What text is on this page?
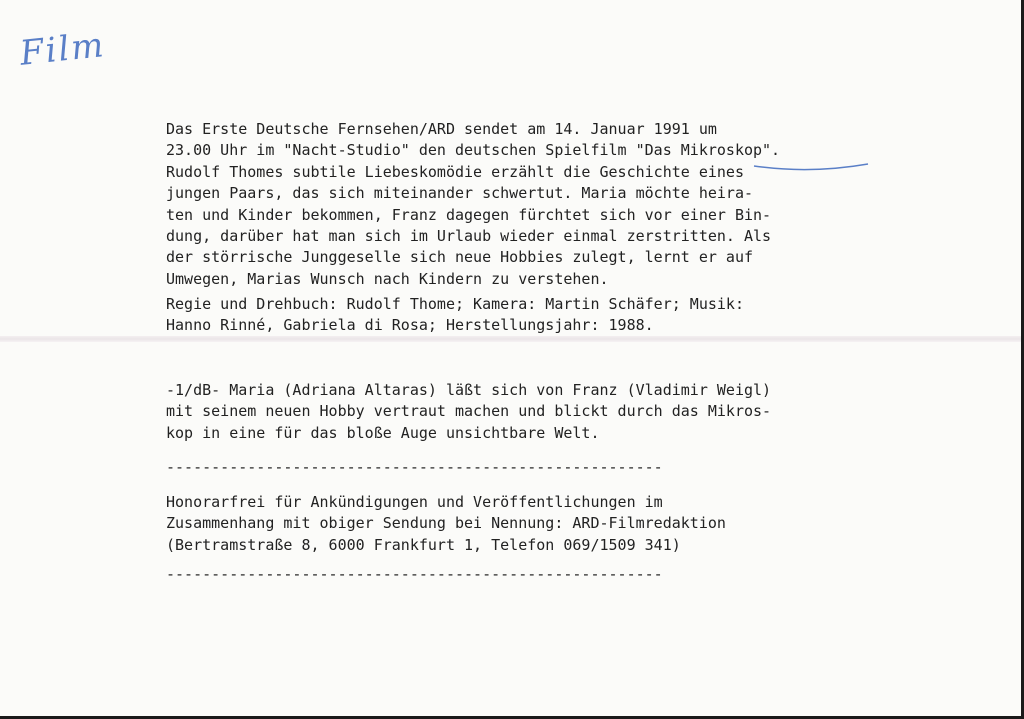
Film
Das Erste Deutsche Fernsehen/ARD sendet am 14. Januar 1991 um
23.00 Uhr im "Nacht-Studio" den deutschen Spielfilm "Das Mikroskop".
Rudolf Thomes subtile Liebeskomödie erzählt die Geschichte eines
jungen Paars, das sich miteinander schwertut. Maria möchte heira-
ten und Kinder bekommen, Franz dagegen fürchtet sich vor einer Bin-
dung, darüber hat man sich im Urlaub wieder einmal zerstritten. Als
der störrische Junggeselle sich neue Hobbies zulegt, lernt er auf
Umwegen, Marias Wunsch nach Kindern zu verstehen.
Regie und Drehbuch: Rudolf Thome; Kamera: Martin Schäfer; Musik:
Hanno Rinné, Gabriela di Rosa; Herstellungsjahr: 1988.
-1/dB- Maria (Adriana Altaras) läßt sich von Franz (Vladimir Weigl)
mit seinem neuen Hobby vertraut machen und blickt durch das Mikros-
kop in eine für das bloße Auge unsichtbare Welt.
-------------------------------------------------------
Honorarfrei für Ankündigungen und Veröffentlichungen im
Zusammenhang mit obiger Sendung bei Nennung: ARD-Filmredaktion
(Bertramstraße 8, 6000 Frankfurt 1, Telefon 069/1509 341)
-------------------------------------------------------
